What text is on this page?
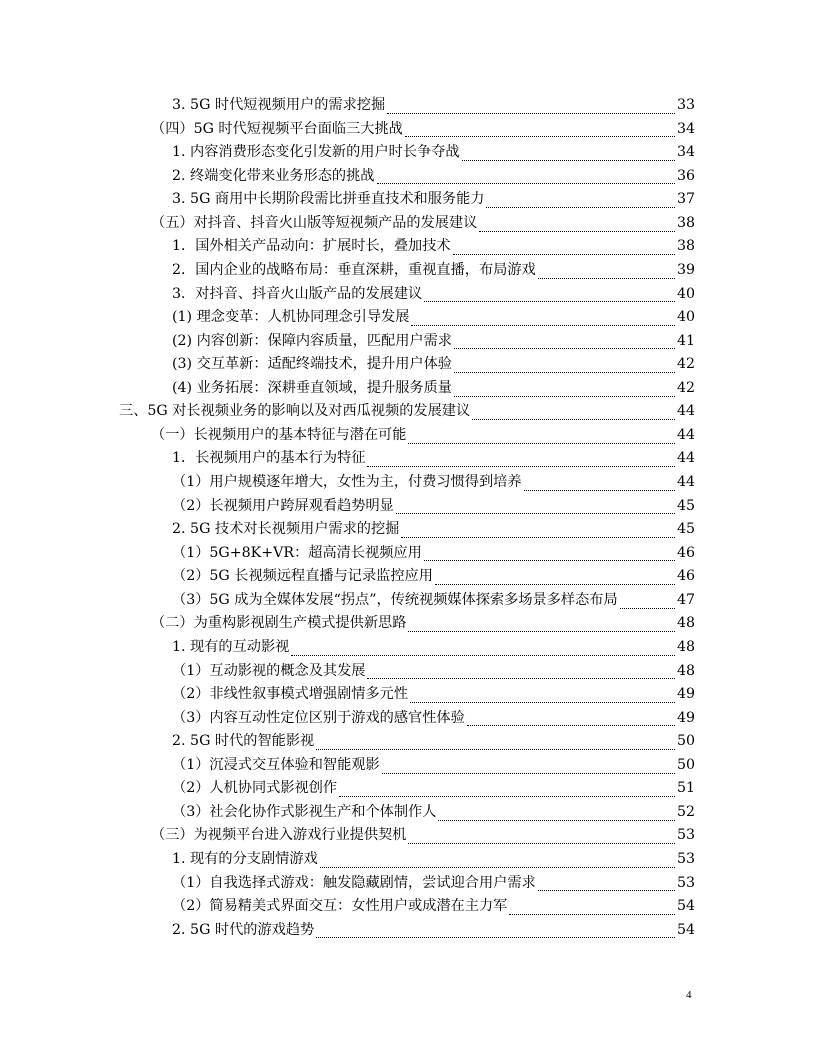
3. 5G 时代短视频用户的需求挖掘	33
（四）5G 时代短视频平台面临三大挑战	34
1. 内容消费形态变化引发新的用户时长争夺战	34
2. 终端变化带来业务形态的挑战	36
3. 5G 商用中长期阶段需比拼垂直技术和服务能力	37
（五）对抖音、抖音火山版等短视频产品的发展建议	38
1．国外相关产品动向：扩展时长，叠加技术	38
2．国内企业的战略布局：垂直深耕，重视直播，布局游戏	39
3．对抖音、抖音火山版产品的发展建议	40
(1) 理念变革：人机协同理念引导发展	40
(2) 内容创新：保障内容质量，匹配用户需求	41
(3) 交互革新：适配终端技术，提升用户体验	42
(4) 业务拓展：深耕垂直领域，提升服务质量	42
三、5G 对长视频业务的影响以及对西瓜视频的发展建议	44
（一）长视频用户的基本特征与潜在可能	44
1．长视频用户的基本行为特征	44
（1）用户规模逐年增大，女性为主，付费习惯得到培养	44
（2）长视频用户跨屏观看趋势明显	45
2. 5G 技术对长视频用户需求的挖掘	45
（1）5G+8K+VR：超高清长视频应用	46
（2）5G 长视频远程直播与记录监控应用	46
（3）5G 成为全媒体发展“拐点”，传统视频媒体探索多场景多样态布局	47
（二）为重构影视剧生产模式提供新思路	48
1. 现有的互动影视	48
（1）互动影视的概念及其发展	48
（2）非线性叙事模式增强剧情多元性	49
（3）内容互动性定位区别于游戏的感官性体验	49
2. 5G 时代的智能影视	50
（1）沉浸式交互体验和智能观影	50
（2）人机协同式影视创作	51
（3）社会化协作式影视生产和个体制作人	52
（三）为视频平台进入游戏行业提供契机	53
1. 现有的分支剧情游戏	53
（1）自我选择式游戏：触发隐藏剧情，尝试迎合用户需求	53
（2）简易精美式界面交互：女性用户或成潜在主力军	54
2. 5G 时代的游戏趋势	54
4
